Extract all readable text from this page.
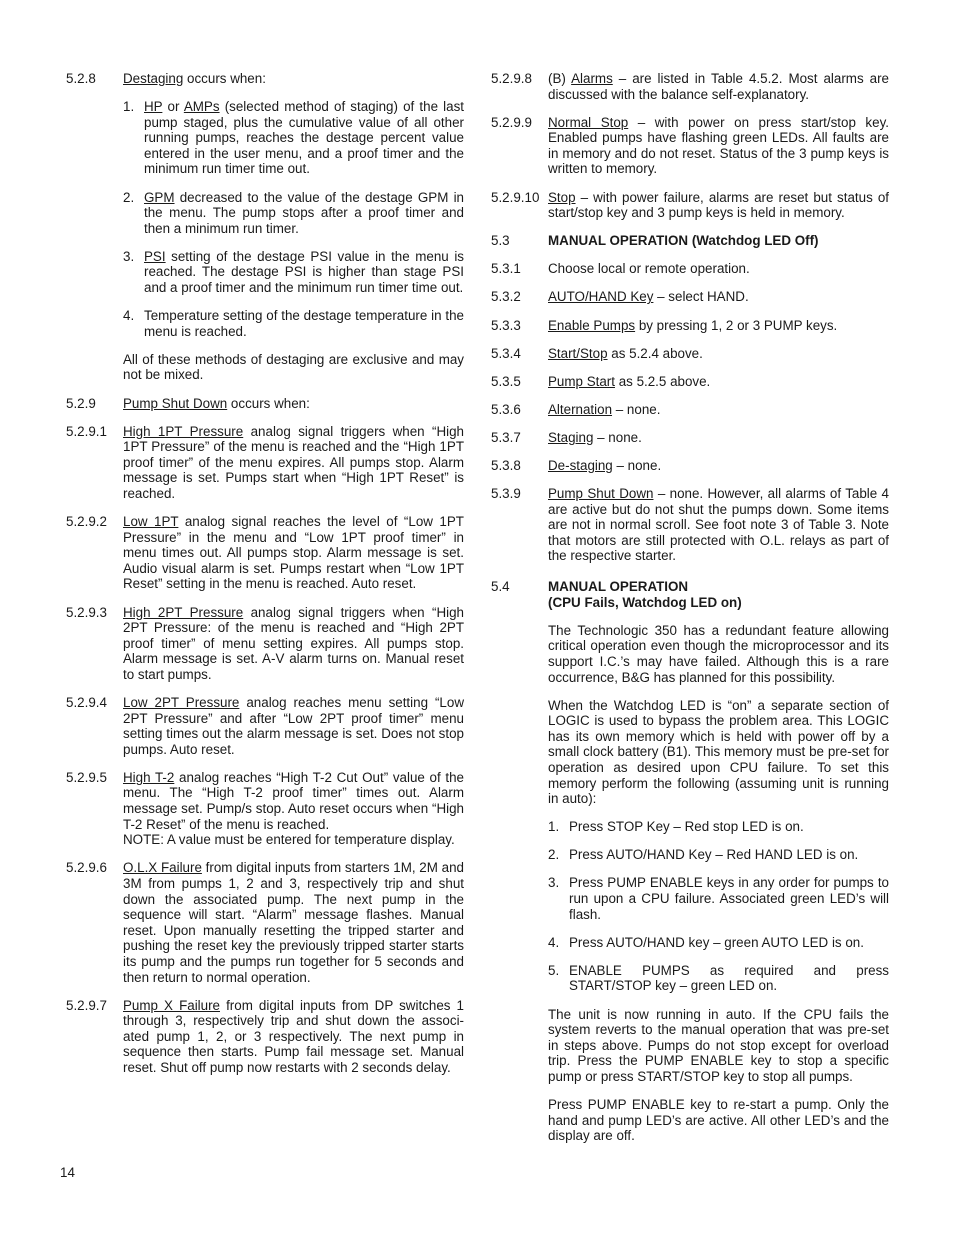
5.2.8	Destaging occurs when:
1. HP or AMPs (selected method of staging) of the last pump staged, plus the cumulative value of all other running pumps, reaches the destage percent value entered in the user menu, and a proof timer and the minimum run timer time out.
2. GPM decreased to the value of the destage GPM in the menu. The pump stops after a proof timer and then a minimum run timer.
3. PSI setting of the destage PSI value in the menu is reached. The destage PSI is higher than stage PSI and a proof timer and the minimum run timer time out.
4. Temperature setting of the destage temperature in the menu is reached.
All of these methods of destaging are exclusive and may not be mixed.
5.2.9	Pump Shut Down occurs when:
5.2.9.1	High 1PT Pressure analog signal triggers when “High 1PT Pressure” of the menu is reached and the “High 1PT proof timer” of the menu expires. All pumps stop. Alarm message is set. Pumps start when “High 1PT Reset” is reached.
5.2.9.2	Low 1PT analog signal reaches the level of “Low 1PT Pressure” in the menu and “Low 1PT proof timer” in menu times out. All pumps stop. Alarm message is set. Audio visual alarm is set. Pumps restart when “Low 1PT Reset” setting in the menu is reached. Auto reset.
5.2.9.3	High 2PT Pressure analog signal triggers when “High 2PT Pressure: of the menu is reached and “High 2PT proof timer” of menu setting expires. All pumps stop. Alarm message is set. A-V alarm turns on. Manual reset to start pumps.
5.2.9.4	Low 2PT Pressure analog reaches menu setting “Low 2PT Pressure” and after “Low 2PT proof timer” menu setting times out the alarm message is set. Does not stop pumps. Auto reset.
5.2.9.5	High T-2 analog reaches “High T-2 Cut Out” value of the menu. The “High T-2 proof timer” times out. Alarm message set. Pump/s stop. Auto reset occurs when “High T-2 Reset” of the menu is reached.
NOTE: A value must be entered for temperature display.
5.2.9.6	O.L.X Failure from digital inputs from starters 1M, 2M and 3M from pumps 1, 2 and 3, respectively trip and shut down the associated pump. The next pump in the sequence will start. “Alarm” message flashes. Manual reset. Upon manually resetting the tripped starter and pushing the reset key the previously tripped starter starts its pump and the pumps run together for 5 seconds and then return to normal operation.
5.2.9.7	Pump X Failure from digital inputs from DP switches 1 through 3, respectively trip and shut down the associ-ated pump 1, 2, or 3 respectively. The next pump in sequence then starts. Pump fail message set. Manual reset. Shut off pump now restarts with 2 seconds delay.
5.2.9.8	(B) Alarms – are listed in Table 4.5.2. Most alarms are discussed with the balance self-explanatory.
5.2.9.9	Normal Stop – with power on press start/stop key. Enabled pumps have flashing green LEDs. All faults are in memory and do not reset. Status of the 3 pump keys is written to memory.
5.2.9.10 Stop – with power failure, alarms are reset but status of start/stop key and 3 pump keys is held in memory.
5.3	MANUAL OPERATION (Watchdog LED Off)
5.3.1	Choose local or remote operation.
5.3.2	AUTO/HAND Key – select HAND.
5.3.3	Enable Pumps by pressing 1, 2 or 3 PUMP keys.
5.3.4	Start/Stop as 5.2.4 above.
5.3.5	Pump Start as 5.2.5 above.
5.3.6	Alternation – none.
5.3.7	Staging – none.
5.3.8	De-staging – none.
5.3.9	Pump Shut Down – none. However, all alarms of Table 4 are active but do not shut the pumps down. Some items are not in normal scroll. See foot note 3 of Table 3. Note that motors are still protected with O.L. relays as part of the respective starter.
5.4	MANUAL OPERATION
(CPU Fails, Watchdog LED on)
The Technologic 350 has a redundant feature allowing critical operation even though the microprocessor and its support I.C.’s may have failed. Although this is a rare occurrence, B&G has planned for this possibility.
When the Watchdog LED is “on” a separate section of LOGIC is used to bypass the problem area. This LOGIC has its own memory which is held with power off by a small clock battery (B1). This memory must be pre-set for operation as desired upon CPU failure. To set this memory perform the following (assuming unit is running in auto):
1. Press STOP Key – Red stop LED is on.
2. Press AUTO/HAND Key – Red HAND LED is on.
3. Press PUMP ENABLE keys in any order for pumps to run upon a CPU failure. Associated green LED’s will flash.
4. Press AUTO/HAND key – green AUTO LED is on.
5. ENABLE PUMPS as required and press START/STOP key – green LED on.
The unit is now running in auto. If the CPU fails the system reverts to the manual operation that was pre-set in steps above. Pumps do not stop except for overload trip. Press the PUMP ENABLE key to stop a specific pump or press START/STOP key to stop all pumps.
Press PUMP ENABLE key to re-start a pump. Only the hand and pump LED’s are active. All other LED’s and the display are off.
14
